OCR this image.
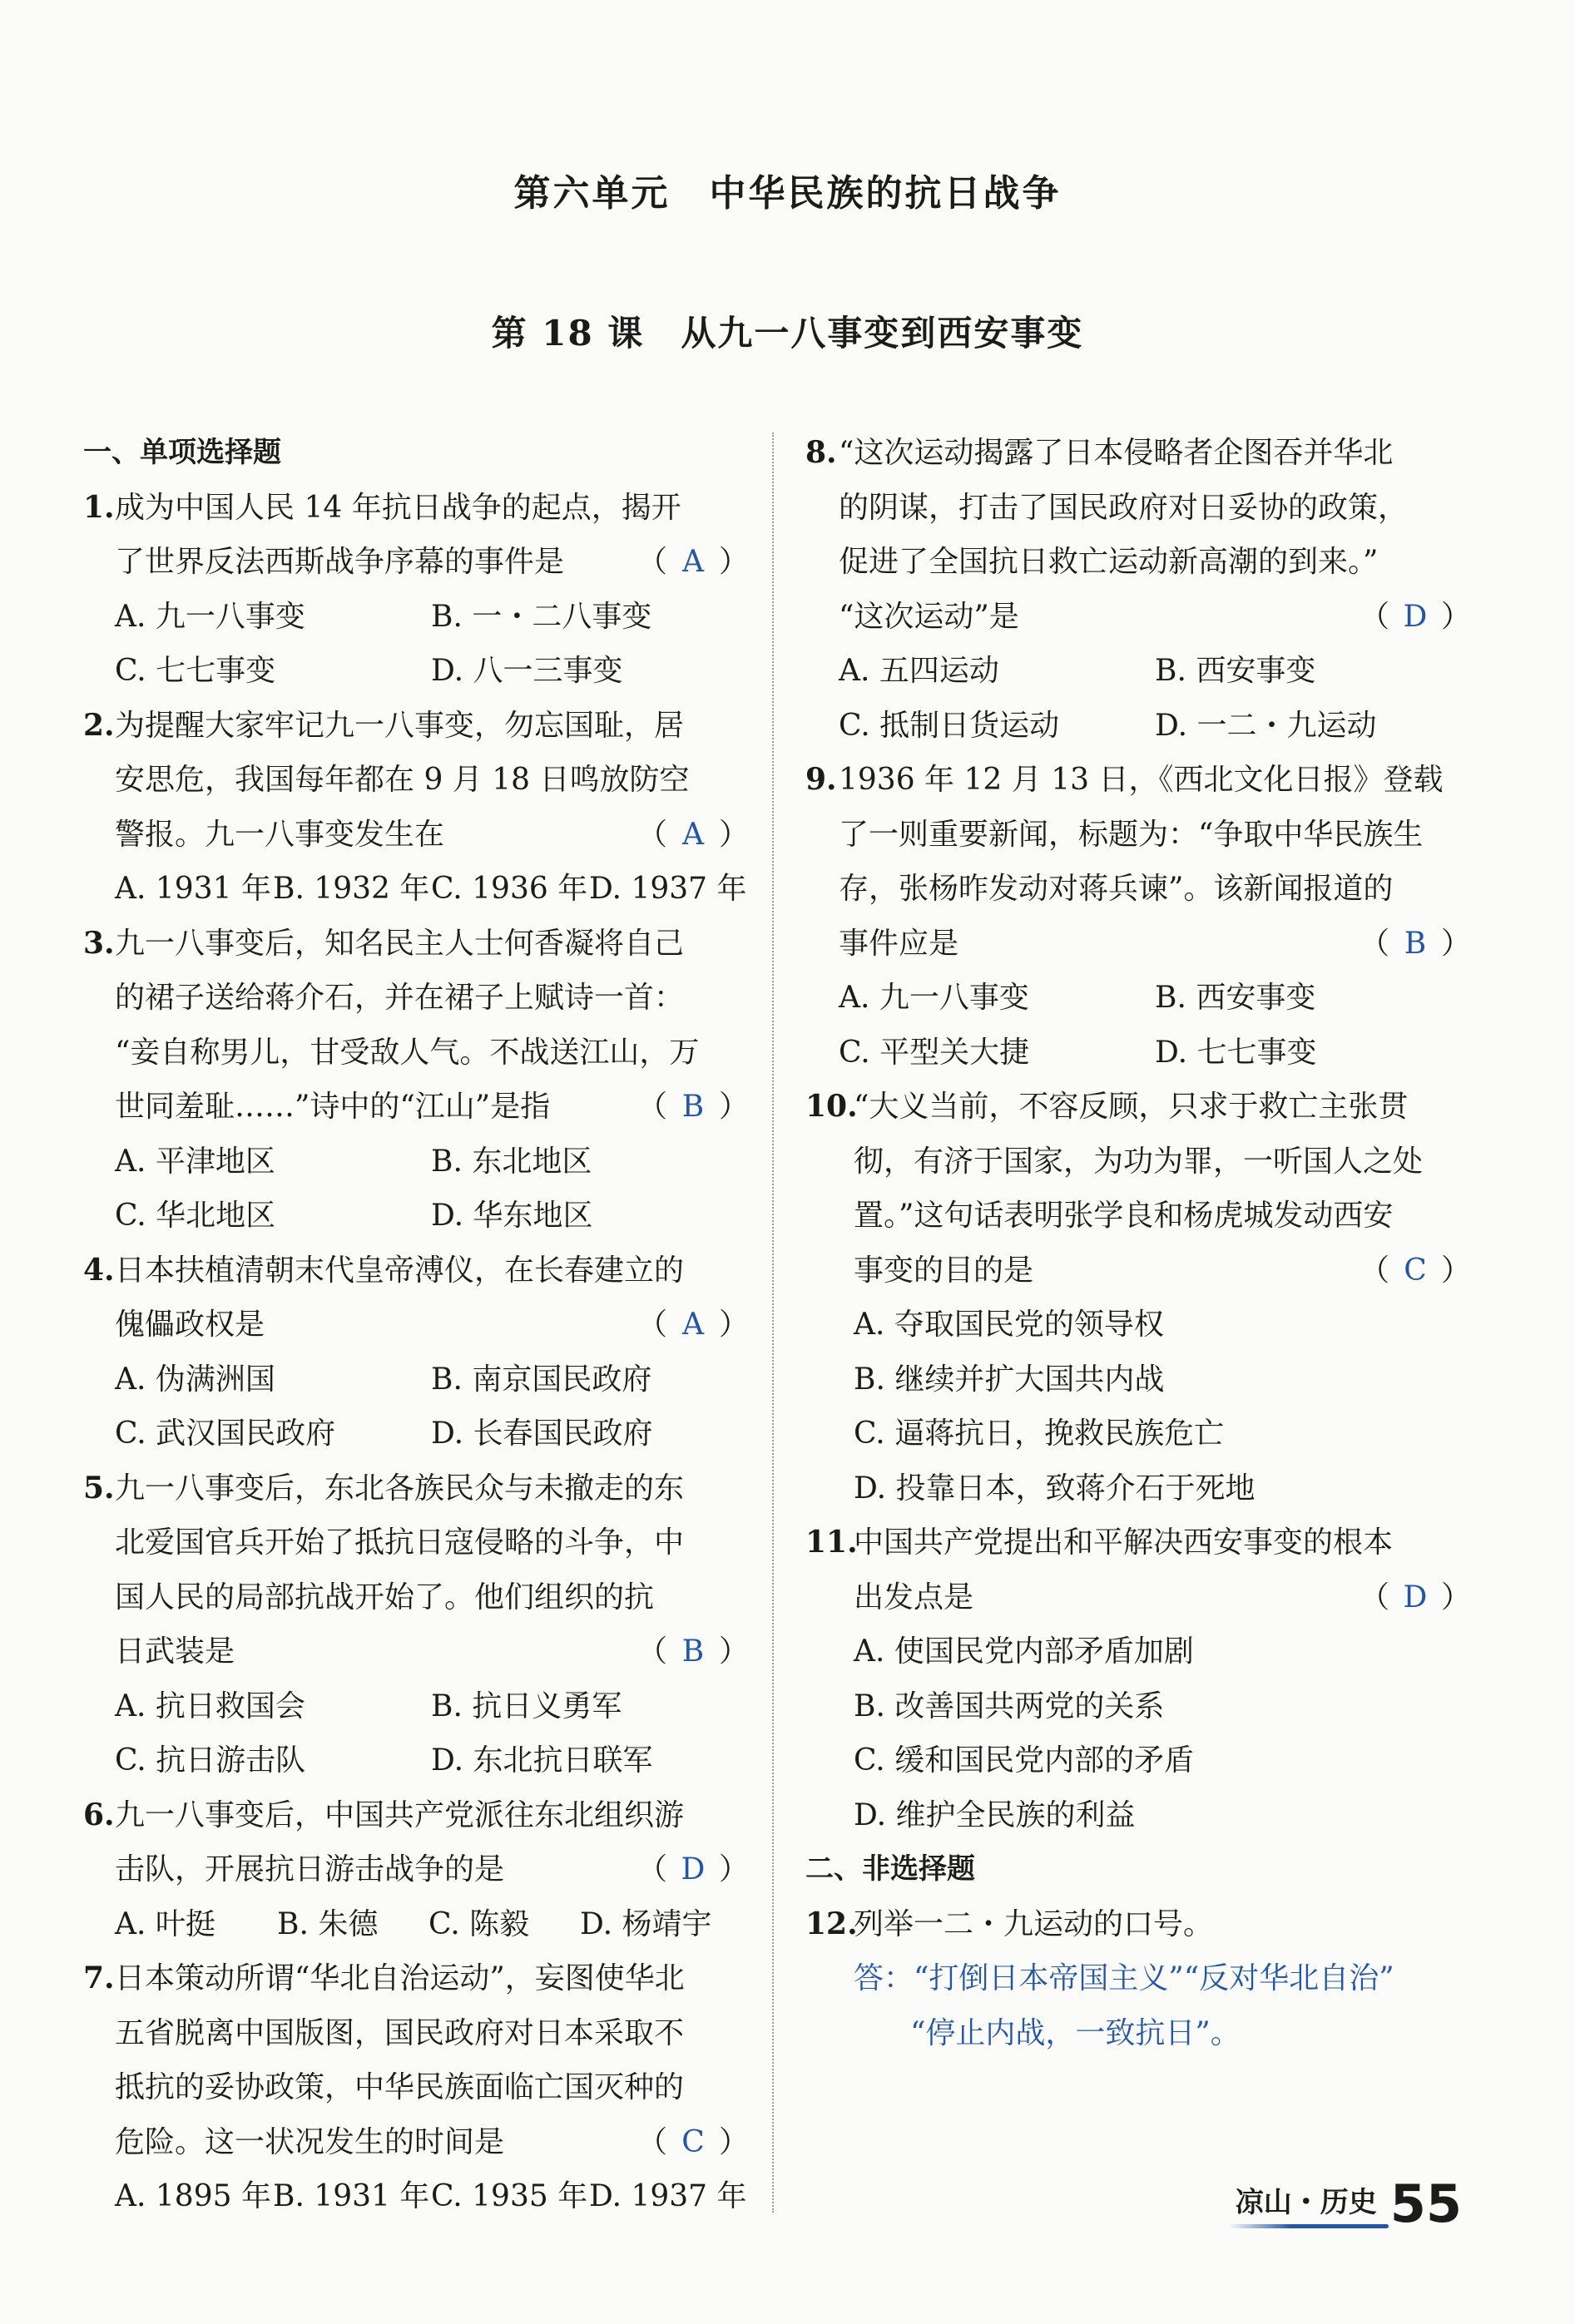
第六单元　中华民族的抗日战争
第 18 课　从九一八事变到西安事变
一、单项选择题
1.成为中国人民 14 年抗日战争的起点，揭开
了世界反法西斯战争序幕的事件是	（ A ）
A. 九一八事变	B. 一・二八事变
C. 七七事变	D. 八一三事变
2.为提醒大家牢记九一八事变，勿忘国耻，居
安思危，我国每年都在 9 月 18 日鸣放防空
警报。九一八事变发生在	（ A ）
A. 1931 年 B. 1932 年 C. 1936 年 D. 1937 年
3.九一八事变后，知名民主人士何香凝将自己
的裙子送给蒋介石，并在裙子上赋诗一首：
“妾自称男儿，甘受敌人气。不战送江山，万
世同羞耻……”诗中的“江山”是指	（ B ）
A. 平津地区	B. 东北地区
C. 华北地区	D. 华东地区
4.日本扶植清朝末代皇帝溥仪，在长春建立的
傀儡政权是	（ A ）
A. 伪满洲国	B. 南京国民政府
C. 武汉国民政府	D. 长春国民政府
5.九一八事变后，东北各族民众与未撤走的东
北爱国官兵开始了抵抗日寇侵略的斗争，中
国人民的局部抗战开始了。他们组织的抗
日武装是	（ B ）
A. 抗日救国会	B. 抗日义勇军
C. 抗日游击队	D. 东北抗日联军
6.九一八事变后，中国共产党派往东北组织游
击队，开展抗日游击战争的是	（ D ）
A. 叶挺	B. 朱德	C. 陈毅	D. 杨靖宇
7.日本策动所谓“华北自治运动”，妄图使华北
五省脱离中国版图，国民政府对日本采取不
抵抗的妥协政策，中华民族面临亡国灭种的
危险。这一状况发生的时间是	（ C ）
A. 1895 年 B. 1931 年 C. 1935 年 D. 1937 年
8.“这次运动揭露了日本侵略者企图吞并华北
的阴谋，打击了国民政府对日妥协的政策，
促进了全国抗日救亡运动新高潮的到来。”
“这次运动”是	（ D ）
A. 五四运动	B. 西安事变
C. 抵制日货运动	D. 一二・九运动
9.1936 年 12 月 13 日，《西北文化日报》登载
了一则重要新闻，标题为：“争取中华民族生
存，张杨昨发动对蒋兵谏”。该新闻报道的
事件应是	（ B ）
A. 九一八事变	B. 西安事变
C. 平型关大捷	D. 七七事变
10.“大义当前，不容反顾，只求于救亡主张贯
彻，有济于国家，为功为罪，一听国人之处
置。”这句话表明张学良和杨虎城发动西安
事变的目的是	（ C ）
A. 夺取国民党的领导权
B. 继续并扩大国共内战
C. 逼蒋抗日，挽救民族危亡
D. 投靠日本，致蒋介石于死地
11.中国共产党提出和平解决西安事变的根本
出发点是	（ D ）
A. 使国民党内部矛盾加剧
B. 改善国共两党的关系
C. 缓和国民党内部的矛盾
D. 维护全民族的利益
二、非选择题
12.列举一二・九运动的口号。
答：“打倒日本帝国主义”“反对华北自治”
“停止内战，一致抗日”。
凉山・历史 55
